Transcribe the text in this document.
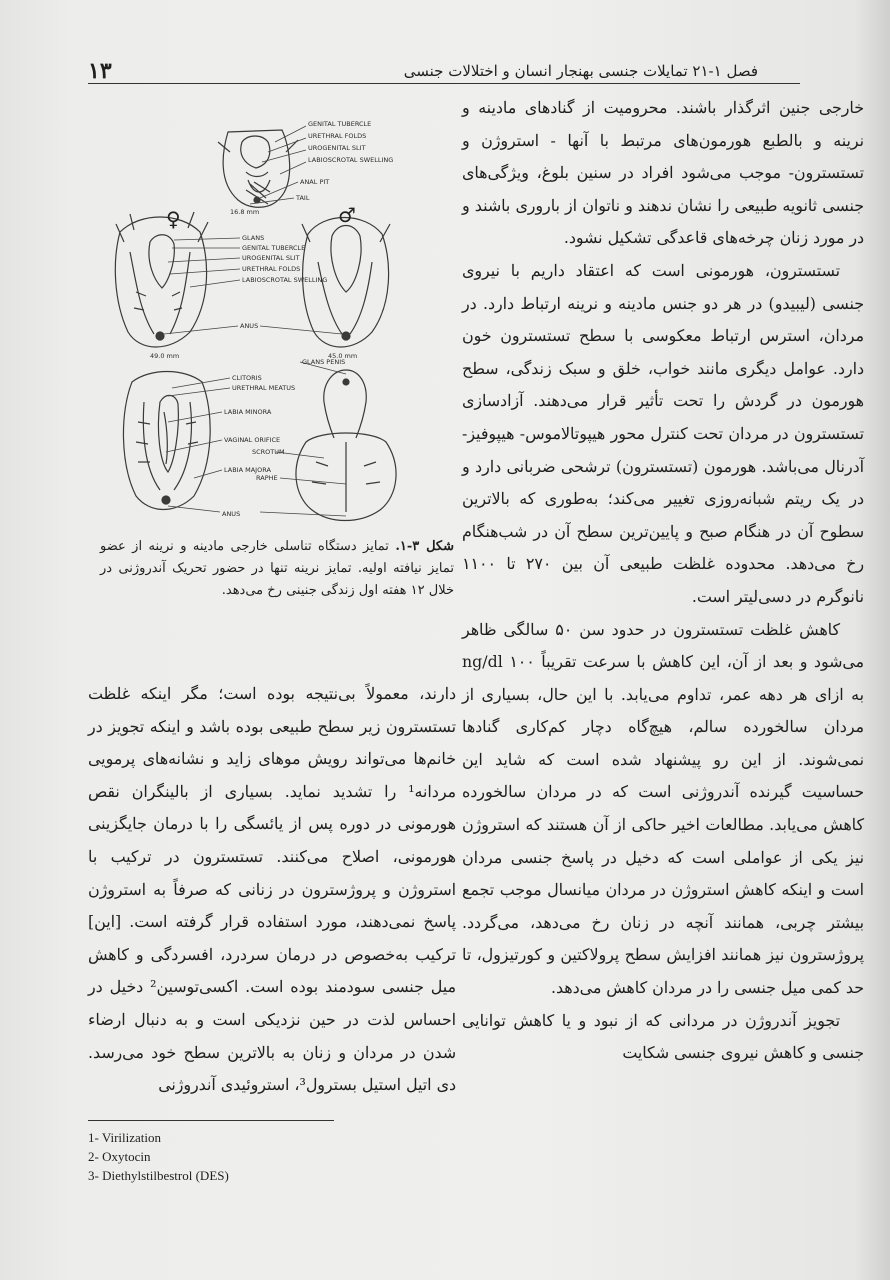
فصل ۱-۲۱ تمایلات جنسی بهنجار انسان و اختلالات جنسی
۱۳
GENITAL TUBERCLE
URETHRAL FOLDS
UROGENITAL SLIT
LABIOSCROTAL SWELLING
ANAL PIT
TAIL
16.8 mm
GLANS
GENITAL TUBERCLE
UROGENITAL SLIT
URETHRAL FOLDS
LABIOSCROTAL SWELLING
ANUS
49.0 mm	45.0 mm
CLITORIS
URETHRAL MEATUS
GLANS PENIS
LABIA MINORA
VAGINAL ORIFICE
SCROTUM
LABIA MAJORA
RAPHE
ANUS
♀	♂
شکل ۳-۱. تمایز دستگاه تناسلی خارجی مادینه و نرینه از عضو تمایز نیافته اولیه. تمایز نرینه تنها در حضور تحریک آندروژنی در خلال ۱۲ هفته اول زندگی جنینی رخ می‌دهد.

خارجی جنین اثرگذار باشند. محرومیت از گنادهای مادینه و نرینه و بالطبع هورمون‌های مرتبط با آنها - استروژن و تستسترون- موجب می‌شود افراد در سنین بلوغ، ویژگی‌های جنسی ثانویه طبیعی را نشان ندهند و ناتوان از باروری باشند و در مورد زنان چرخه‌های قاعدگی تشکیل نشود.

تستسترون، هورمونی است که اعتقاد داریم با نیروی جنسی (لیبیدو) در هر دو جنس مادینه و نرینه ارتباط دارد. در مردان، استرس ارتباط معکوسی با سطح تستسترون خون دارد. عوامل دیگری مانند خواب، خلق و سبک زندگی، سطح هورمون در گردش را تحت تأثیر قرار می‌دهند. آزادسازی تستسترون در مردان تحت کنترل محور هیپوتالاموس- هیپوفیز- آدرنال می‌باشد. هورمون (تستسترون) ترشحی ضربانی دارد و در یک ریتم شبانه‌روزی تغییر می‌کند؛ به‌طوری که بالاترین سطوح آن در هنگام صبح و پایین‌ترین سطح آن در شب‌هنگام رخ می‌دهد. محدوده غلظت طبیعی آن بین ۲۷۰ تا ۱۱۰۰ نانوگرم در دسی‌لیتر است.

کاهش غلظت تستسترون در حدود سن ۵۰ سالگی ظاهر می‌شود و بعد از آن، این کاهش با سرعت تقریباً ۱۰۰ ng/dl به ازای هر دهه عمر، تداوم می‌یابد. با این حال، بسیاری از مردان سالخورده سالم، هیچ‌گاه دچار کم‌کاری گنادها نمی‌شوند. از این رو پیشنهاد شده است که شاید این حساسیت گیرنده آندروژنی است که در مردان سالخورده کاهش می‌یابد. مطالعات اخیر حاکی از آن هستند که استروژن نیز یکی از عواملی است که دخیل در پاسخ جنسی مردان است و اینکه کاهش استروژن در مردان میانسال موجب تجمع بیشتر چربی، همانند آنچه در زنان رخ می‌دهد، می‌گردد. پروژسترون نیز همانند افزایش سطح پرولاکتین و کورتیزول، تا حد کمی میل جنسی را در مردان کاهش می‌دهد.

تجویز آندروژن در مردانی که از نبود و یا کاهش توانایی جنسی و کاهش نیروی جنسی شکایت

دارند، معمولاً بی‌نتیجه بوده است؛ مگر اینکه غلظت تستسترون زیر سطح طبیعی بوده باشد و اینکه تجویز در خانم‌ها می‌تواند رویش موهای زاید و نشانه‌های پرمویی مردانه¹ را تشدید نماید. بسیاری از بالینگران نقص هورمونی در دوره پس از یائسگی را با درمان جایگزینی هورمونی، اصلاح می‌کنند. تستسترون در ترکیب با استروژن و پروژسترون در زنانی که صرفاً به استروژن پاسخ نمی‌دهند، مورد استفاده قرار گرفته است. [این] ترکیب به‌خصوص در درمان سردرد، افسردگی و کاهش میل جنسی سودمند بوده است. اکسی‌توسین² دخیل در احساس لذت در حین نزدیکی است و به دنبال ارضاء شدن در مردان و زنان به بالاترین سطح خود می‌رسد. دی اتیل استیل بسترول³، استروئیدی آندروژنی

1- Virilization
2- Oxytocin
3- Diethylstilbestrol (DES)
